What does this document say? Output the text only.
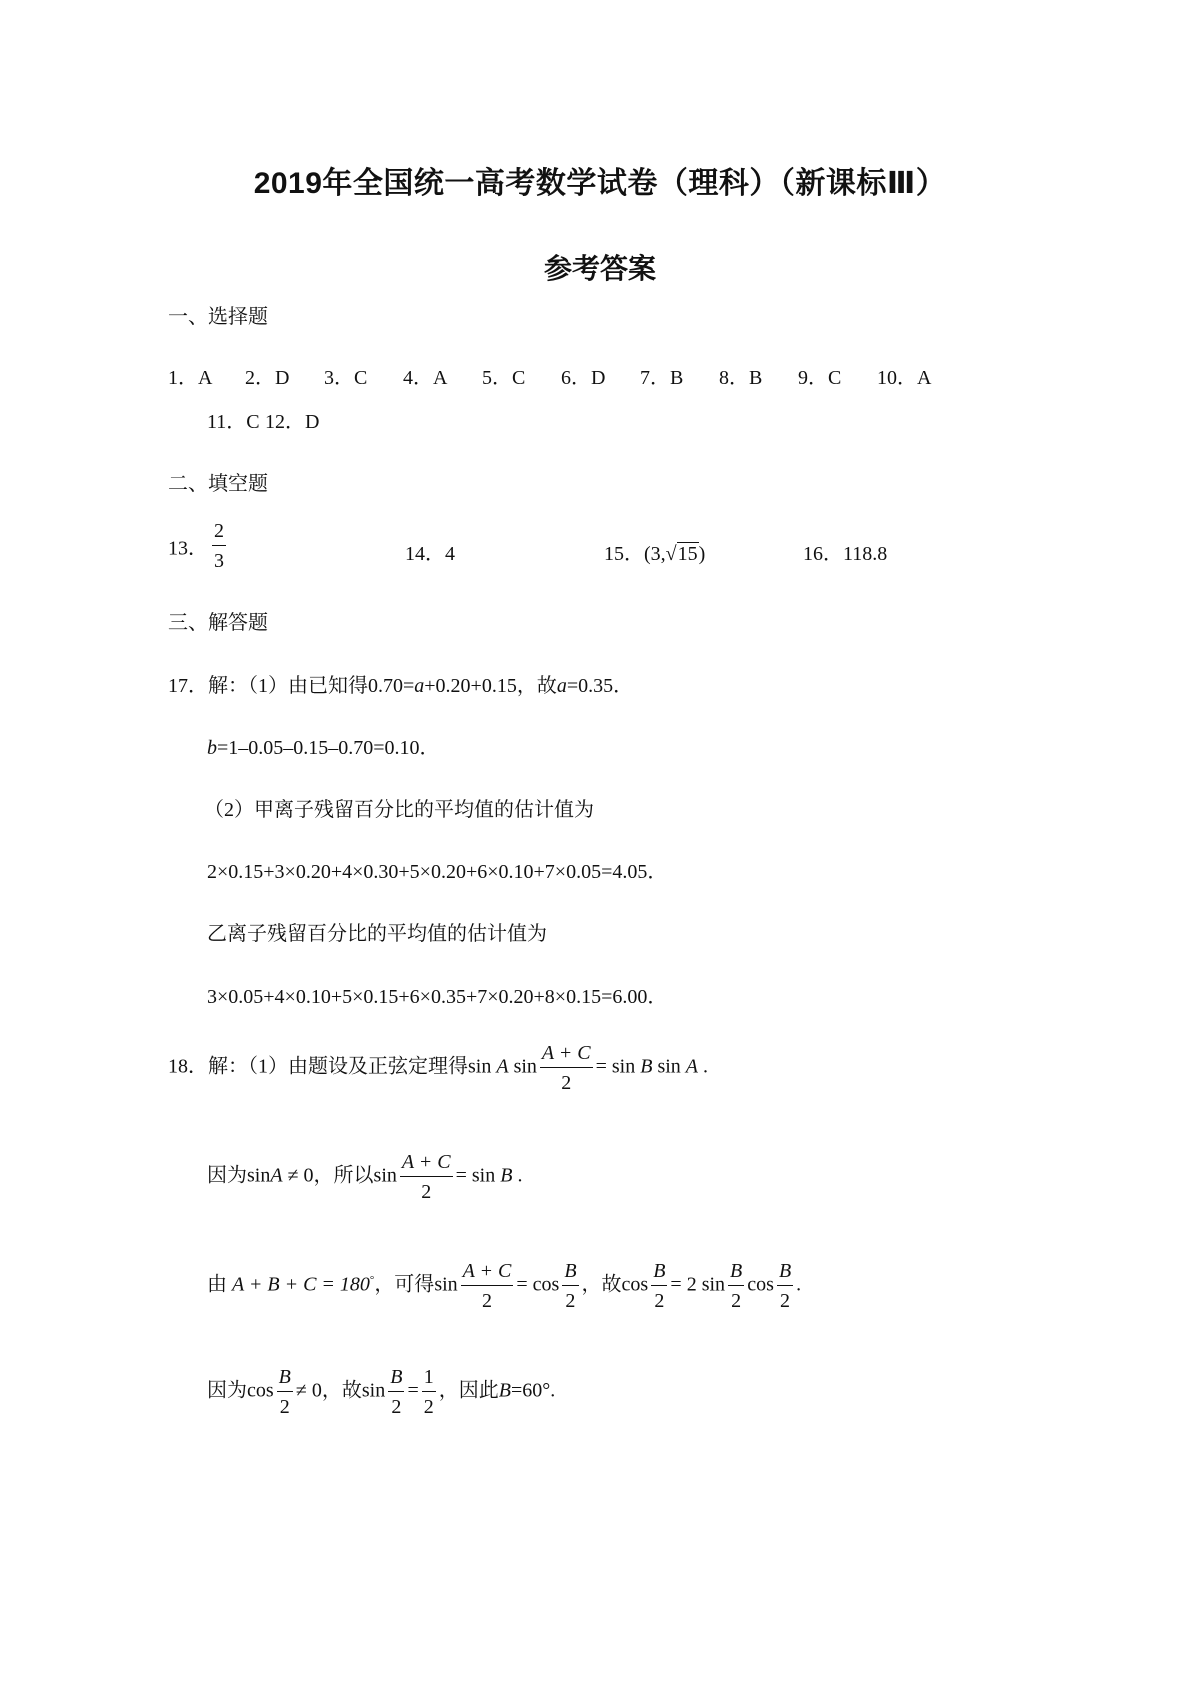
2019年全国统一高考数学试卷（理科）（新课标Ⅲ）
参考答案
一、选择题
1．A 2．D 3．C 4．A 5．C 6．D 7．B 8．B 9．C 10．A
11．C 12．D
二、填空题
13． $\frac{2}{3}$	14．4	15．(3,√15)	16．118.8
三、解答题
17．解：（1）由已知得0.70=a+0.20+0.15，故a=0.35．
b=1–0.05–0.15–0.70=0.10．
（2）甲离子残留百分比的平均值的估计值为
2×0.15+3×0.20+4×0.30+5×0.20+6×0.10+7×0.05=4.05．
乙离子残留百分比的平均值的估计值为
3×0.05+4×0.10+5×0.15+6×0.35+7×0.20+8×0.15=6.00．
18．解：（1）由题设及正弦定理得sin A $\sin \frac{A + C}{2} = \sin B$ sin A .
因为sinA ≠ 0，所以$\sin \frac{A + C}{2} = \sin B$ .
由 A + B + C = 180°，可得$\sin \frac{A + C}{2} = \cos \frac{B}{2}$ ，故$\cos \frac{B}{2} = 2$ $\sin \frac{B}{2}$ $\cos \frac{B}{2}$ .
因为$\cos \frac{B}{2} \ne 0$，故$\sin \frac{B}{2} = \frac{1}{2}$ ，因此B=60°.
